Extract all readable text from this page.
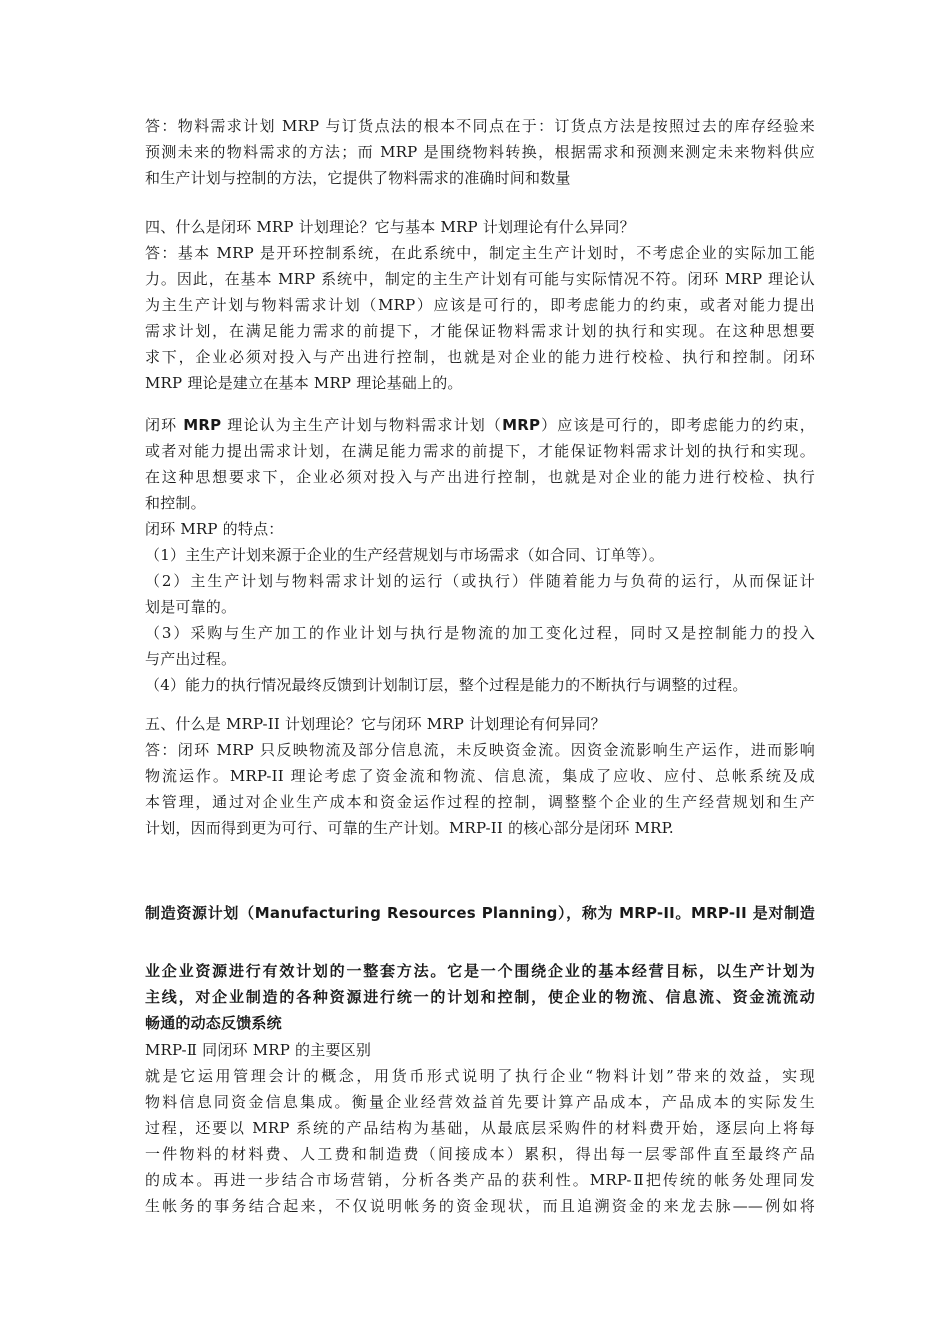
答：物料需求计划 MRP 与订货点法的根本不同点在于：订货点方法是按照过去的库存经验来
预测未来的物料需求的方法；而 MRP 是围绕物料转换，根据需求和预测来测定未来物料供应
和生产计划与控制的方法，它提供了物料需求的准确时间和数量
四、什么是闭环 MRP 计划理论？它与基本 MRP 计划理论有什么异同？
答：基本 MRP 是开环控制系统，在此系统中，制定主生产计划时，不考虑企业的实际加工能
力。因此，在基本 MRP 系统中，制定的主生产计划有可能与实际情况不符。闭环 MRP 理论认
为主生产计划与物料需求计划（MRP）应该是可行的，即考虑能力的约束，或者对能力提出
需求计划，在满足能力需求的前提下，才能保证物料需求计划的执行和实现。在这种思想要
求下，企业必须对投入与产出进行控制，也就是对企业的能力进行校检、执行和控制。闭环
MRP 理论是建立在基本 MRP 理论基础上的。
闭环 MRP 理论认为主生产计划与物料需求计划（MRP）应该是可行的，即考虑能力的约束，
或者对能力提出需求计划，在满足能力需求的前提下，才能保证物料需求计划的执行和实现。
在这种思想要求下，企业必须对投入与产出进行控制，也就是对企业的能力进行校检、执行
和控制。
闭环 MRP 的特点：
（1）主生产计划来源于企业的生产经营规划与市场需求（如合同、订单等）。
（2）主生产计划与物料需求计划的运行（或执行）伴随着能力与负荷的运行，从而保证计
划是可靠的。
（3）采购与生产加工的作业计划与执行是物流的加工变化过程，同时又是控制能力的投入
与产出过程。
（4）能力的执行情况最终反馈到计划制订层，整个过程是能力的不断执行与调整的过程。
五、什么是 MRP-II 计划理论？它与闭环 MRP 计划理论有何异同？
答：闭环 MRP 只反映物流及部分信息流，未反映资金流。因资金流影响生产运作，进而影响
物流运作。MRP-II 理论考虑了资金流和物流、信息流，集成了应收、应付、总帐系统及成
本管理，通过对企业生产成本和资金运作过程的控制，调整整个企业的生产经营规划和生产
计划，因而得到更为可行、可靠的生产计划。MRP-II 的核心部分是闭环 MRP.
制造资源计划（Manufacturing Resources Planning），称为 MRP-II。MRP-II 是对制造
业企业资源进行有效计划的一整套方法。它是一个围绕企业的基本经营目标，以生产计划为
主线，对企业制造的各种资源进行统一的计划和控制，使企业的物流、信息流、资金流流动
畅通的动态反馈系统
MRP-Ⅱ 同闭环 MRP 的主要区别
就是它运用管理会计的概念，用货币形式说明了执行企业“物料计划”带来的效益，实现
物料信息同资金信息集成。衡量企业经营效益首先要计算产品成本，产品成本的实际发生
过程，还要以 MRP 系统的产品结构为基础，从最底层采购件的材料费开始，逐层向上将每
一件物料的材料费、人工费和制造费（间接成本）累积，得出每一层零部件直至最终产品
的成本。再进一步结合市场营销，分析各类产品的获利性。MRP-Ⅱ把传统的帐务处理同发
生帐务的事务结合起来，不仅说明帐务的资金现状，而且追溯资金的来龙去脉——例如将
